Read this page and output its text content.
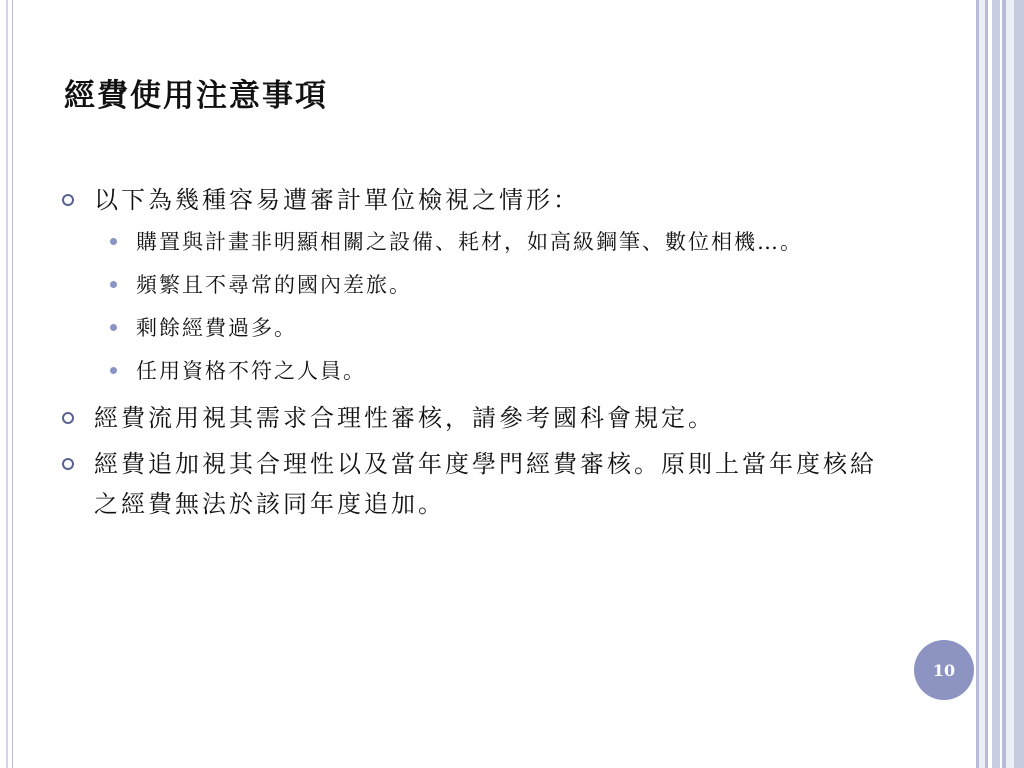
經費使用注意事項
以下為幾種容易遭審計單位檢視之情形：
購置與計畫非明顯相關之設備、耗材，如高級鋼筆、數位相機…。
頻繁且不尋常的國內差旅。
剩餘經費過多。
任用資格不符之人員。
經費流用視其需求合理性審核，請參考國科會規定。
經費追加視其合理性以及當年度學門經費審核。原則上當年度核給之經費無法於該同年度追加。
10
